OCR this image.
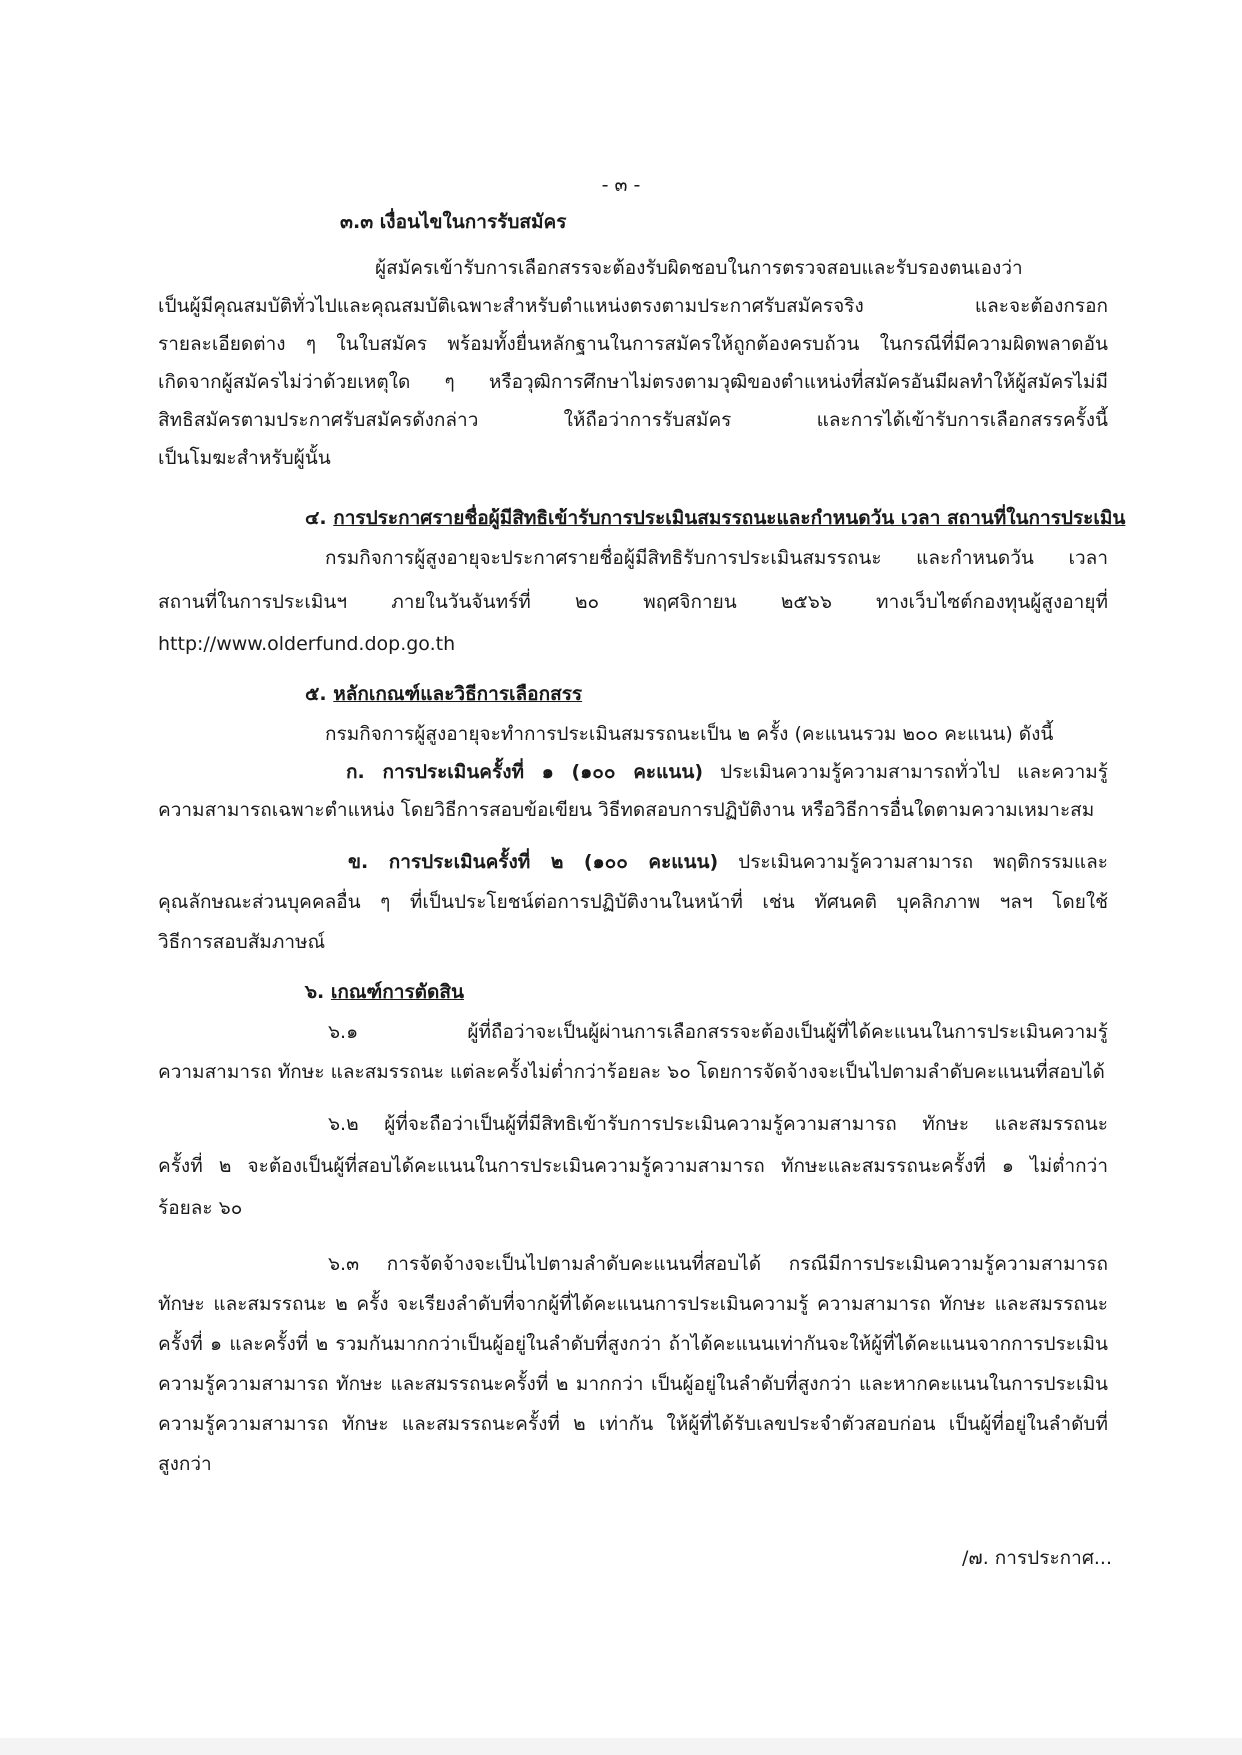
- ๓ -
๓.๓ เงื่อนไขในการรับสมัคร
ผู้สมัครเข้ารับการเลือกสรรจะต้องรับผิดชอบในการตรวจสอบและรับรองตนเองว่า
เป็นผู้มีคุณสมบัติทั่วไปและคุณสมบัติเฉพาะสำหรับตำแหน่งตรงตามประกาศรับสมัครจริง และจะต้องกรอก
รายละเอียดต่าง ๆ ในใบสมัคร พร้อมทั้งยื่นหลักฐานในการสมัครให้ถูกต้องครบถ้วน ในกรณีที่มีความผิดพลาดอัน
เกิดจากผู้สมัครไม่ว่าด้วยเหตุใด ๆ หรือวุฒิการศึกษาไม่ตรงตามวุฒิของตำแหน่งที่สมัครอันมีผลทำให้ผู้สมัครไม่มี
สิทธิสมัครตามประกาศรับสมัครดังกล่าว ให้ถือว่าการรับสมัคร และการได้เข้ารับการเลือกสรรครั้งนี้
เป็นโมฆะสำหรับผู้นั้น
๔. การประกาศรายชื่อผู้มีสิทธิเข้ารับการประเมินสมรรถนะและกำหนดวัน เวลา สถานที่ในการประเมิน
กรมกิจการผู้สูงอายุจะประกาศรายชื่อผู้มีสิทธิรับการประเมินสมรรถนะ และกำหนดวัน เวลา
สถานที่ในการประเมินฯ ภายในวันจันทร์ที่ ๒๐ พฤศจิกายน ๒๕๖๖ ทางเว็บไซต์กองทุนผู้สูงอายุที่
http://www.olderfund.dop.go.th
๕. หลักเกณฑ์และวิธีการเลือกสรร
กรมกิจการผู้สูงอายุจะทำการประเมินสมรรถนะเป็น ๒ ครั้ง (คะแนนรวม ๒๐๐ คะแนน) ดังนี้
ก. การประเมินครั้งที่ ๑ (๑๐๐ คะแนน) ประเมินความรู้ความสามารถทั่วไป และความรู้
ความสามารถเฉพาะตำแหน่ง โดยวิธีการสอบข้อเขียน วิธีทดสอบการปฏิบัติงาน หรือวิธีการอื่นใดตามความเหมาะสม
ข. การประเมินครั้งที่ ๒ (๑๐๐ คะแนน) ประเมินความรู้ความสามารถ พฤติกรรมและ
คุณลักษณะส่วนบุคคลอื่น ๆ ที่เป็นประโยชน์ต่อการปฏิบัติงานในหน้าที่ เช่น ทัศนคติ บุคลิกภาพ ฯลฯ โดยใช้
วิธีการสอบสัมภาษณ์
๖. เกณฑ์การตัดสิน
๖.๑ ผู้ที่ถือว่าจะเป็นผู้ผ่านการเลือกสรรจะต้องเป็นผู้ที่ได้คะแนนในการประเมินความรู้
ความสามารถ ทักษะ และสมรรถนะ แต่ละครั้งไม่ต่ำกว่าร้อยละ ๖๐ โดยการจัดจ้างจะเป็นไปตามลำดับคะแนนที่สอบได้
๖.๒ ผู้ที่จะถือว่าเป็นผู้ที่มีสิทธิเข้ารับการประเมินความรู้ความสามารถ ทักษะ และสมรรถนะ
ครั้งที่ ๒ จะต้องเป็นผู้ที่สอบได้คะแนนในการประเมินความรู้ความสามารถ ทักษะและสมรรถนะครั้งที่ ๑ ไม่ต่ำกว่า
ร้อยละ ๖๐
๖.๓ การจัดจ้างจะเป็นไปตามลำดับคะแนนที่สอบได้ กรณีมีการประเมินความรู้ความสามารถ
ทักษะ และสมรรถนะ ๒ ครั้ง จะเรียงลำดับที่จากผู้ที่ได้คะแนนการประเมินความรู้ ความสามารถ ทักษะ และสมรรถนะ
ครั้งที่ ๑ และครั้งที่ ๒ รวมกันมากกว่าเป็นผู้อยู่ในลำดับที่สูงกว่า ถ้าได้คะแนนเท่ากันจะให้ผู้ที่ได้คะแนนจากการประเมิน
ความรู้ความสามารถ ทักษะ และสมรรถนะครั้งที่ ๒ มากกว่า เป็นผู้อยู่ในลำดับที่สูงกว่า และหากคะแนนในการประเมิน
ความรู้ความสามารถ ทักษะ และสมรรถนะครั้งที่ ๒ เท่ากัน ให้ผู้ที่ได้รับเลขประจำตัวสอบก่อน เป็นผู้ที่อยู่ในลำดับที่
สูงกว่า
/๗. การประกาศ...
